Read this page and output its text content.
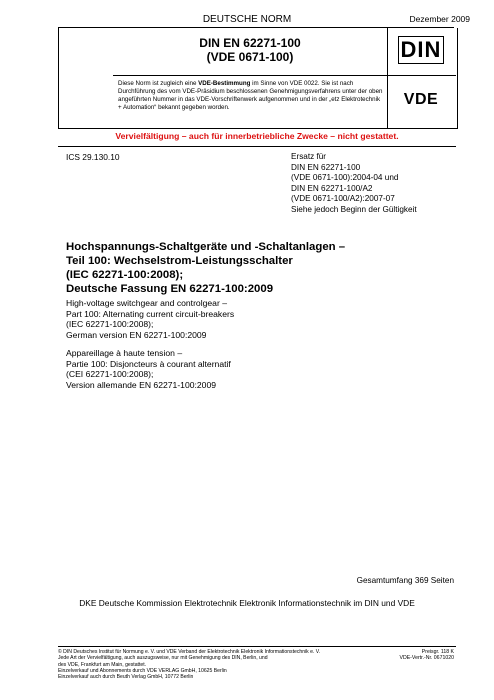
DEUTSCHE NORM	Dezember 2009
DIN EN 62271-100
(VDE 0671-100)
Diese Norm ist zugleich eine VDE-Bestimmung im Sinne von VDE 0022. Sie ist nach Durchführung des vom VDE-Präsidium beschlossenen Genehmigungsverfahrens unter der oben angeführten Nummer in das VDE-Vorschriftenwerk aufgenommen und in der „etz Elektrotechnik + Automation“ bekannt gegeben worden.
DIN
VDE
Vervielfältigung – auch für innerbetriebliche Zwecke – nicht gestattet.
ICS 29.130.10	Ersatz für
DIN EN 62271-100
(VDE 0671-100):2004-04 und
DIN EN 62271-100/A2
(VDE 0671-100/A2):2007-07
Siehe jedoch Beginn der Gültigkeit
Hochspannungs-Schaltgeräte und -Schaltanlagen –
Teil 100: Wechselstrom-Leistungsschalter
(IEC 62271-100:2008);
Deutsche Fassung EN 62271-100:2009
High-voltage switchgear and controlgear –
Part 100: Alternating current circuit-breakers
(IEC 62271-100:2008);
German version EN 62271-100:2009
Appareillage à haute tension –
Partie 100: Disjoncteurs à courant alternatif
(CEI 62271-100:2008);
Version allemande EN 62271-100:2009
Gesamtumfang 369 Seiten
DKE Deutsche Kommission Elektrotechnik Elektronik Informationstechnik im DIN und VDE
© DIN Deutsches Institut für Normung e. V. und VDE Verband der Elektrotechnik Elektronik Informationstechnik e. V.
Jede Art der Vervielfältigung, auch auszugsweise, nur mit Genehmigung des DIN, Berlin, und
des VDE, Frankfurt am Main, gestattet.
Einzelverkauf und Abonnements durch VDE VERLAG GmbH, 10625 Berlin
Einzelverkauf auch durch Beuth Verlag GmbH, 10772 Berlin
Preisgr. 118 K
VDE-Vertr.-Nr. 0671020
